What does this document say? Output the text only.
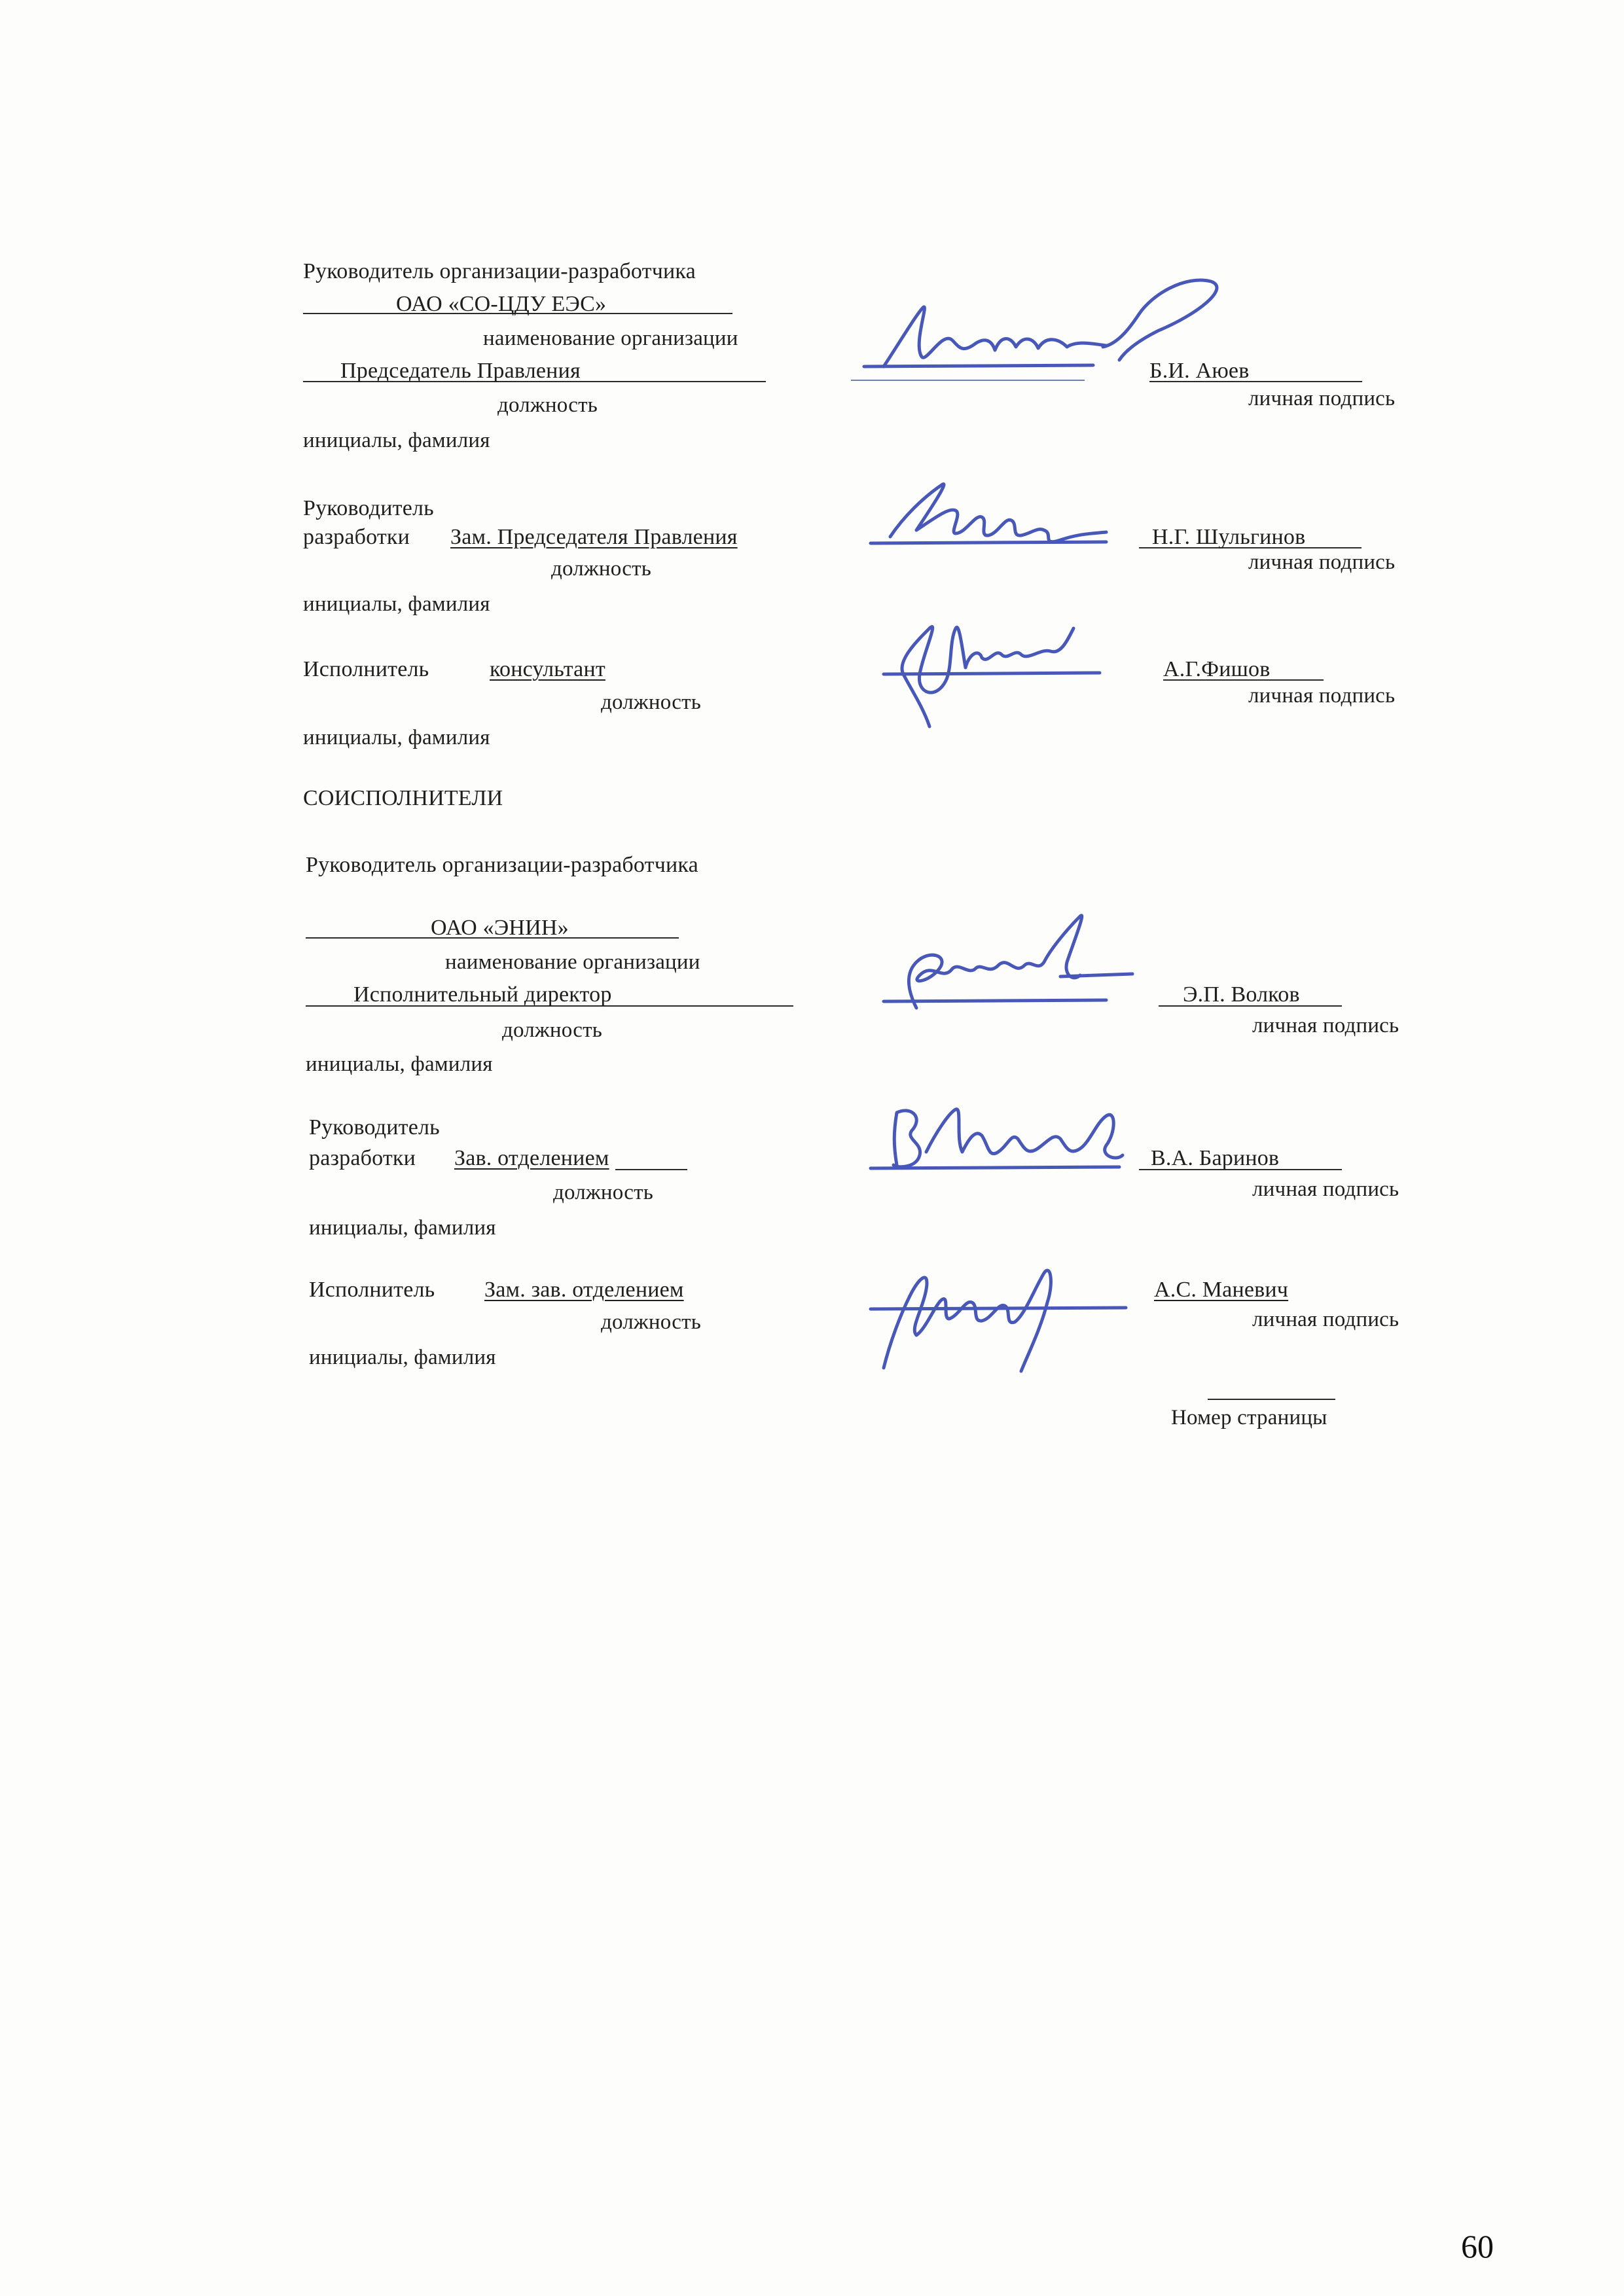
Руководитель организации-разработчика
ОАО «СО-ЦДУ ЕЭС»
наименование организации
Председатель Правления	Б.И. Аюев
должность	личная подпись
инициалы, фамилия
Руководитель
разработки Зам. Председателя Правления	Н.Г. Шульгинов
должность	личная подпись
инициалы, фамилия
Исполнитель	консультант	А.Г.Фишов
личная подпись
должность
инициалы, фамилия
СОИСПОЛНИТЕЛИ
Руководитель организации-разработчика
ОАО «ЭНИН»
наименование организации
Исполнительный директор	Э.П. Волков
должность	личная подпись
инициалы, фамилия
Руководитель
разработки Зав. отделением	В.А. Баринов
должность	личная подпись
инициалы, фамилия
Исполнитель Зам. зав. отделением	А.С. Маневич
должность	личная подпись
инициалы, фамилия
Номер страницы
60
